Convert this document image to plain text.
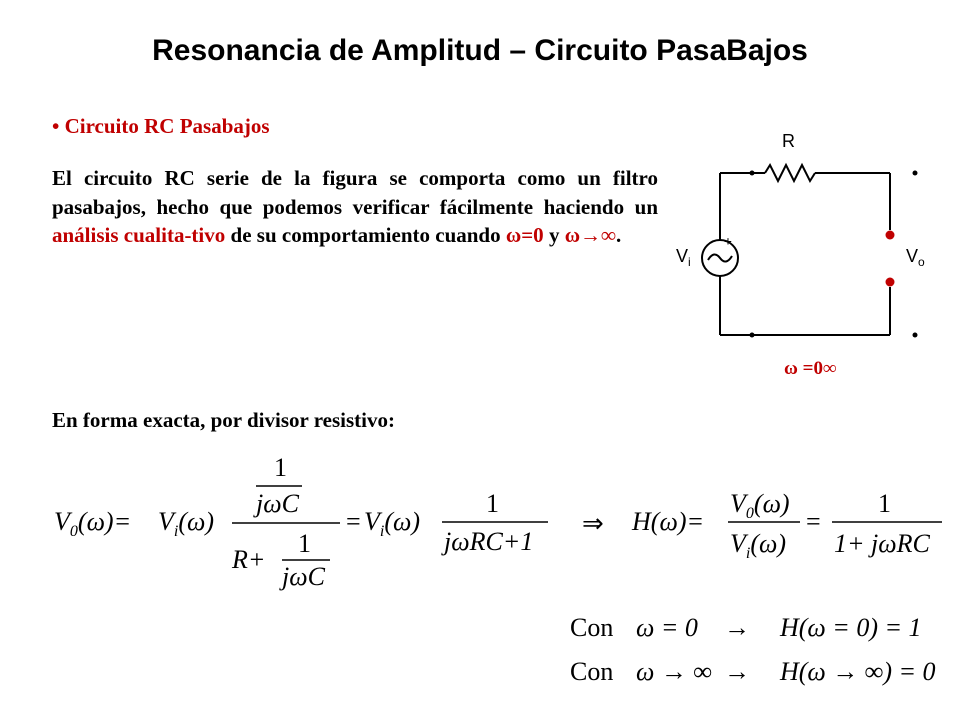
Resonancia de Amplitud – Circuito PasaBajos
• Circuito RC Pasabajos
El circuito RC serie de la figura se comporta como un filtro pasabajos, hecho que podemos verificar fácilmente haciendo un análisis cualita-tivo de su comportamiento cuando ω=0 y ω→∞.
R
+
$V_i$	$V_o$
ω =0∞
En forma exacta, por divisor resistivo:
$V_0(\omega)= V_i(\omega)$
1
jωC
R+
1
jωC
= $V_i(\omega)$
1
jωRC+1
⇒ H(ω)=
$V_0(\omega)$
$V_i(\omega)$
=
1
1+ jωRC
Con ω = 0 → H(ω = 0) = 1
Con ω → ∞ → H(ω → ∞) = 0
